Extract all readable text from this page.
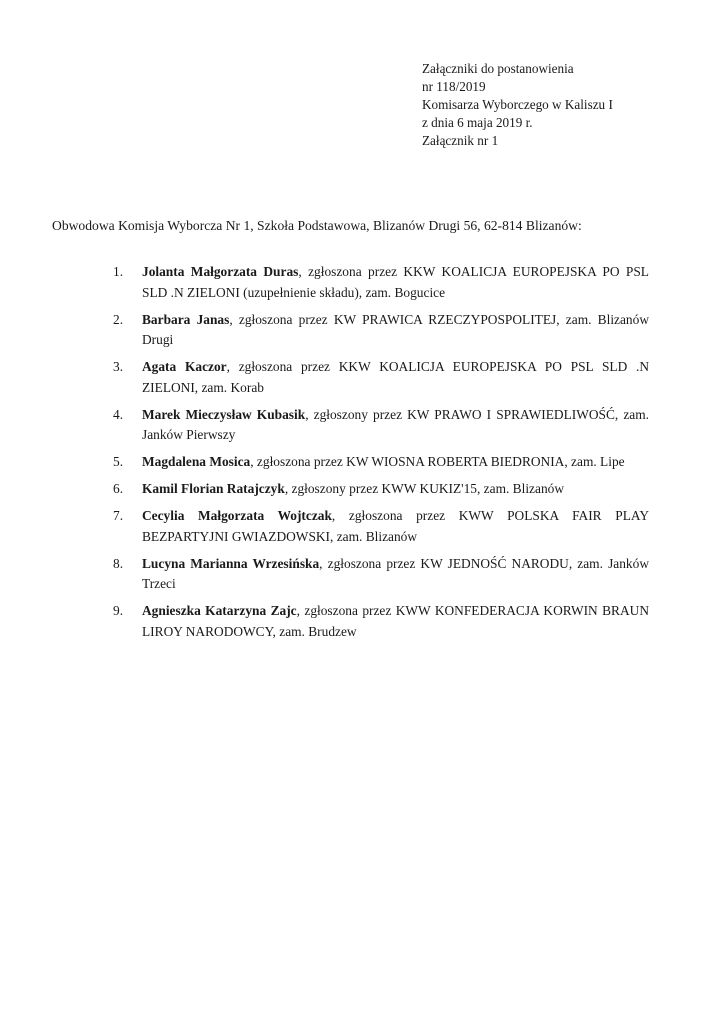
Załączniki do postanowienia
nr 118/2019
Komisarza Wyborczego w Kaliszu I
z dnia 6 maja 2019 r.
Załącznik nr 1
Obwodowa Komisja Wyborcza Nr 1, Szkoła Podstawowa, Blizanów Drugi 56, 62-814 Blizanów:
1.	Jolanta Małgorzata Duras, zgłoszona przez KKW KOALICJA EUROPEJSKA PO PSL SLD .N ZIELONI (uzupełnienie składu), zam. Bogucice
2.	Barbara Janas, zgłoszona przez KW PRAWICA RZECZYPOSPOLITEJ, zam. Blizanów Drugi
3.	Agata Kaczor, zgłoszona przez KKW KOALICJA EUROPEJSKA PO PSL SLD .N ZIELONI, zam. Korab
4.	Marek Mieczysław Kubasik, zgłoszony przez KW PRAWO I SPRAWIEDLIWOŚĆ, zam. Janków Pierwszy
5.	Magdalena Mosica, zgłoszona przez KW WIOSNA ROBERTA BIEDRONIA, zam. Lipe
6.	Kamil Florian Ratajczyk, zgłoszony przez KWW KUKIZ'15, zam. Blizanów
7.	Cecylia Małgorzata Wojtczak, zgłoszona przez KWW POLSKA FAIR PLAY BEZPARTYJNI GWIAZDOWSKI, zam. Blizanów
8.	Lucyna Marianna Wrzesińska, zgłoszona przez KW JEDNOŚĆ NARODU, zam. Janków Trzeci
9.	Agnieszka Katarzyna Zajc, zgłoszona przez KWW KONFEDERACJA KORWIN BRAUN LIROY NARODOWCY, zam. Brudzew
